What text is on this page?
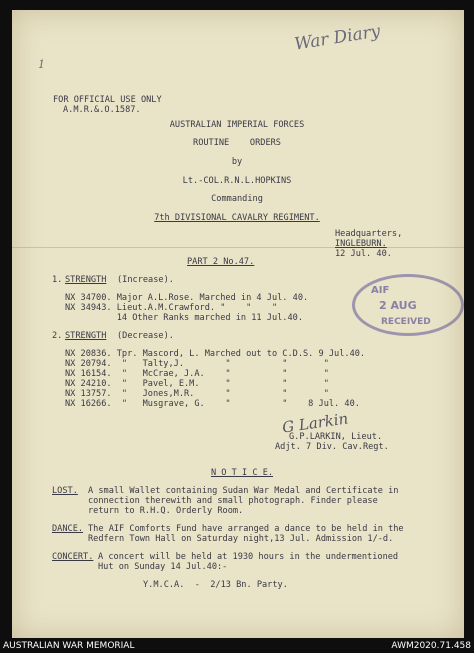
War Diary
1
FOR OFFICIAL USE ONLY
A.M.R.&.O.1587.
AUSTRALIAN IMPERIAL FORCES
ROUTINE    ORDERS
by
Lt.-COL.R.N.L.HOPKINS
Commanding
7th DIVISIONAL CAVALRY REGIMENT.
Headquarters,
INGLEBURN.
12 Jul. 40.
PART 2 No.47.
1. STRENGTH (Increase).
NX 34700. Major A.L.Rose. Marched in 4 Jul. 40.
NX 34943. Lieut.A.M.Crawford. "    "    "
14 Other Ranks marched in 11 Jul.40.
2. STRENGTH (Decrease).
NX 20836. Tpr. Mascord, L. Marched out to C.D.S. 9 Jul.40.
NX 20794.  "   Talty,J.        "          "       "
NX 16154.  "   McCrae, J.A.    "          "       "
NX 24210.  "   Pavel, E.M.     "          "       "
NX 13757.  "   Jones,M.R.      "          "       "
NX 16266.  "   Musgrave, G.    "          "    8 Jul. 40.
G Larkin
G.P.LARKIN, Lieut.
Adjt. 7 Div. Cav.Regt.
N O T I C E.
LOST. A small Wallet containing Sudan War Medal and Certificate in
connection therewith and small photograph. Finder please
return to R.H.Q. Orderly Room.
DANCE. The AIF Comforts Fund have arranged a dance to be held in the
Redfern Town Hall on Saturday night,13 Jul. Admission 1/-d.
CONCERT. A concert will be held at 1930 hours in the undermentioned
Hut on Sunday 14 Jul.40:-
Y.M.C.A.  -  2/13 Bn. Party.
AIF
2 AUG
RECEIVED
AUSTRALIAN WAR MEMORIAL	AWM2020.71.458
